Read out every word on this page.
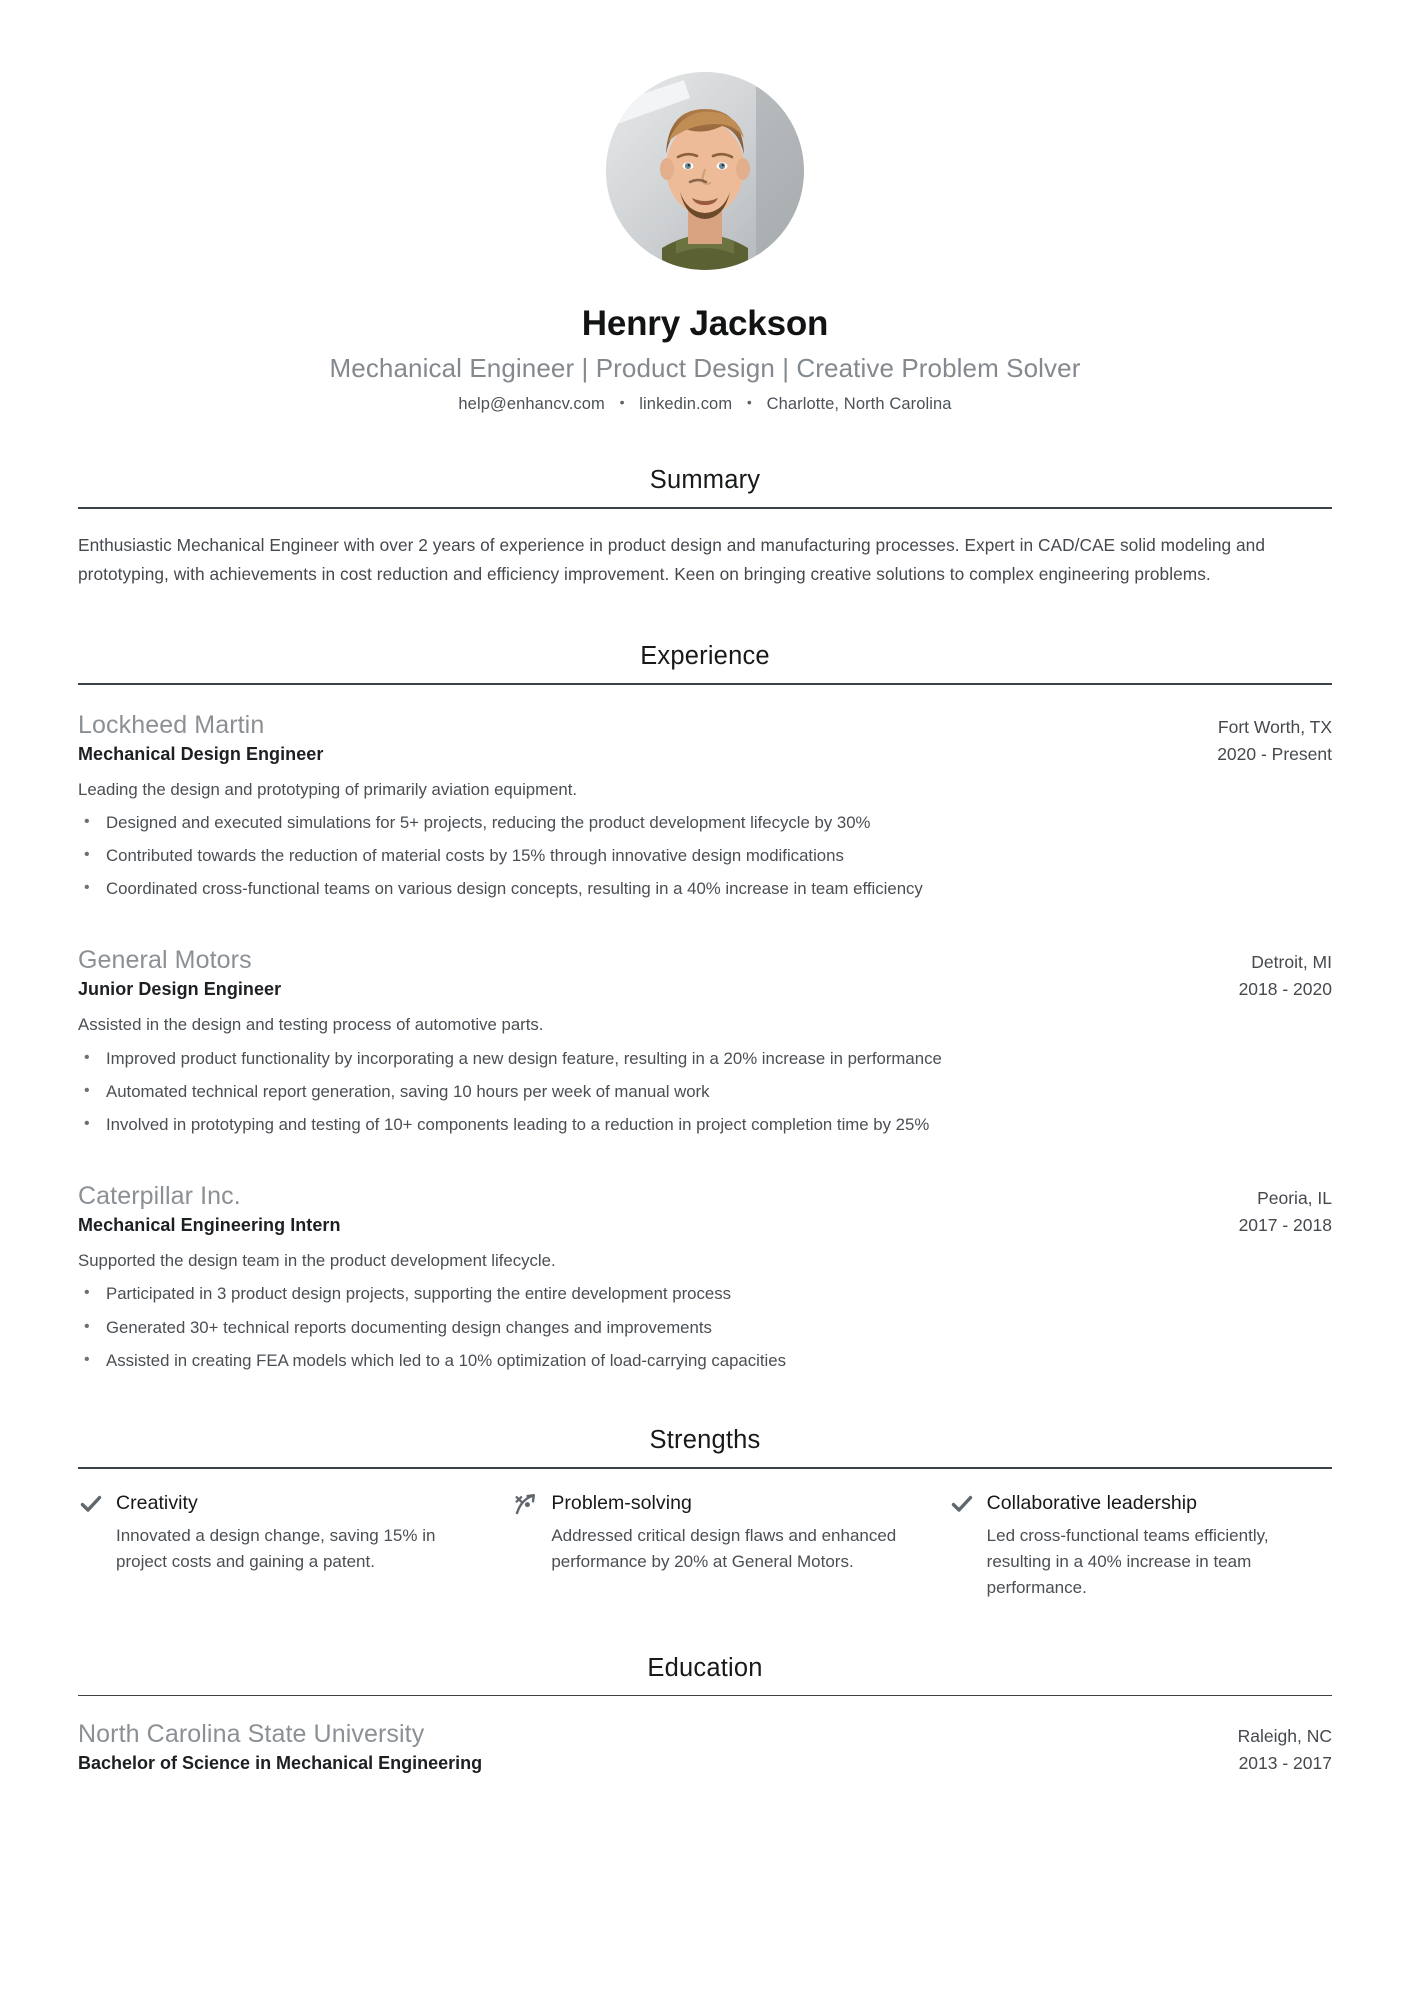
Henry Jackson
Mechanical Engineer | Product Design | Creative Problem Solver
help@enhancv.com • linkedin.com • Charlotte, North Carolina
Summary

Enthusiastic Mechanical Engineer with over 2 years of experience in product design and manufacturing processes. Expert in CAD/CAE solid modeling and prototyping, with achievements in cost reduction and efficiency improvement. Keen on bringing creative solutions to complex engineering problems.

Experience
Lockheed Martin	Fort Worth, TX
Mechanical Design Engineer	2020 - Present
Leading the design and prototyping of primarily aviation equipment.
• Designed and executed simulations for 5+ projects, reducing the product development lifecycle by 30%
• Contributed towards the reduction of material costs by 15% through innovative design modifications
• Coordinated cross-functional teams on various design concepts, resulting in a 40% increase in team efficiency
General Motors	Detroit, MI
Junior Design Engineer	2018 - 2020
Assisted in the design and testing process of automotive parts.
• Improved product functionality by incorporating a new design feature, resulting in a 20% increase in performance
• Automated technical report generation, saving 10 hours per week of manual work
• Involved in prototyping and testing of 10+ components leading to a reduction in project completion time by 25%
Caterpillar Inc.	Peoria, IL
Mechanical Engineering Intern	2017 - 2018
Supported the design team in the product development lifecycle.
• Participated in 3 product design projects, supporting the entire development process
• Generated 30+ technical reports documenting design changes and improvements
• Assisted in creating FEA models which led to a 10% optimization of load-carrying capacities
Strengths
Creativity
Innovated a design change, saving 15% in project costs and gaining a patent.
Problem-solving
Addressed critical design flaws and enhanced performance by 20% at General Motors.
Collaborative leadership
Led cross-functional teams efficiently, resulting in a 40% increase in team performance.
Education
North Carolina State University	Raleigh, NC
Bachelor of Science in Mechanical Engineering	2013 - 2017
